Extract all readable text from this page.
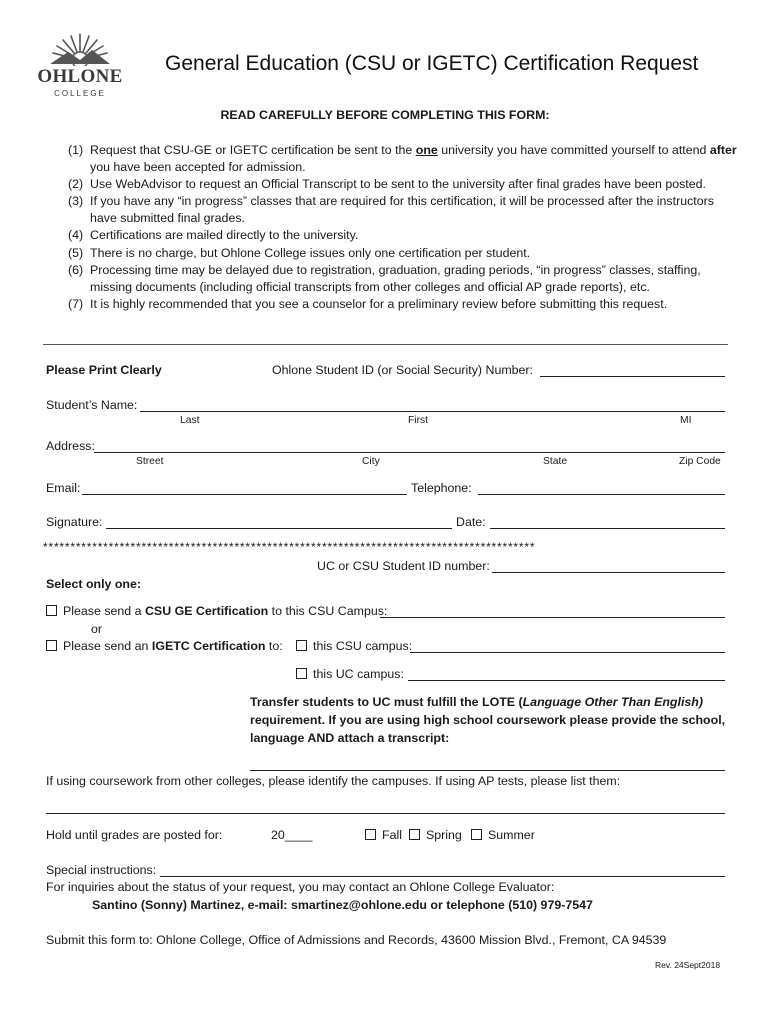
OHLONE
COLLEGE
General Education (CSU or IGETC) Certification Request
READ CAREFULLY BEFORE COMPLETING THIS FORM:
(1) Request that CSU-GE or IGETC certification be sent to the one university you have committed yourself to attend after you have been accepted for admission.
(2) Use WebAdvisor to request an Official Transcript to be sent to the university after final grades have been posted.
(3) If you have any “in progress” classes that are required for this certification, it will be processed after the instructors have submitted final grades.
(4) Certifications are mailed directly to the university.
(5) There is no charge, but Ohlone College issues only one certification per student.
(6) Processing time may be delayed due to registration, graduation, grading periods, “in progress” classes, staffing, missing documents (including official transcripts from other colleges and official AP grade reports), etc.
(7) It is highly recommended that you see a counselor for a preliminary review before submitting this request.
Please Print Clearly	Ohlone Student ID (or Social Security) Number:
Student’s Name:
Last	First	MI
Address:
Street	City	State	Zip Code
Email:	Telephone:
Signature:	Date:
******************************************************************************************
UC or CSU Student ID number:
Select only one:
Please send a CSU GE Certification to this CSU Campus:
or
Please send an IGETC Certification to:	this CSU campus:
this UC campus:
Transfer students to UC must fulfill the LOTE (Language Other Than English) requirement. If you are using high school coursework please provide the school, language AND attach a transcript:
If using coursework from other colleges, please identify the campuses. If using AP tests, please list them:
Hold until grades are posted for:	20____	Fall	Spring	Summer
Special instructions:
For inquiries about the status of your request, you may contact an Ohlone College Evaluator:
Santino (Sonny) Martinez, e-mail: smartinez@ohlone.edu or telephone (510) 979-7547
Submit this form to: Ohlone College, Office of Admissions and Records, 43600 Mission Blvd., Fremont, CA 94539
Rev. 24Sept2018
